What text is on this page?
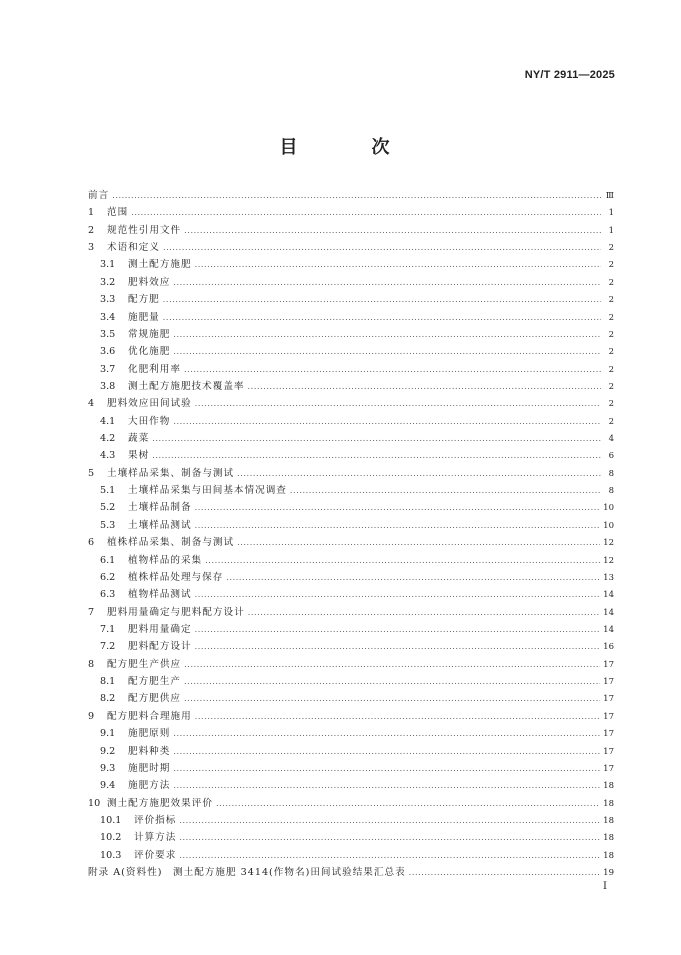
NY/T 2911—2025
目　次
前言 .....	Ⅲ
1	范围 .....	1
2	规范性引用文件 .....	1
3	术语和定义 .....	2
3.1	测土配方施肥 .....	2
3.2	肥料效应 .....	2
3.3	配方肥 .....	2
3.4	施肥量 .....	2
3.5	常规施肥 .....	2
3.6	优化施肥 .....	2
3.7	化肥利用率 .....	2
3.8	测土配方施肥技术覆盖率 .....	2
4	肥料效应田间试验 .....	2
4.1	大田作物 .....	2
4.2	蔬菜 .....	4
4.3	果树 .....	6
5	土壤样品采集、制备与测试 .....	8
5.1	土壤样品采集与田间基本情况调查 .....	8
5.2	土壤样品制备 .....	10
5.3	土壤样品测试 .....	10
6	植株样品采集、制备与测试 .....	12
6.1	植物样品的采集 .....	12
6.2	植株样品处理与保存 .....	13
6.3	植物样品测试 .....	14
7	肥料用量确定与肥料配方设计 .....	14
7.1	肥料用量确定 .....	14
7.2	肥料配方设计 .....	16
8	配方肥生产供应 .....	17
8.1	配方肥生产 .....	17
8.2	配方肥供应 .....	17
9	配方肥料合理施用 .....	17
9.1	施肥原则 .....	17
9.2	肥料种类 .....	17
9.3	施肥时期 .....	17
9.4	施肥方法 .....	18
10 测土配方施肥效果评价 .....	18
10.1	评价指标 .....	18
10.2	计算方法 .....	18
10.3	评价要求 .....	18
附录 A(资料性)　测土配方施肥 3414(作物名)田间试验结果汇总表 .....	19
Ⅰ
